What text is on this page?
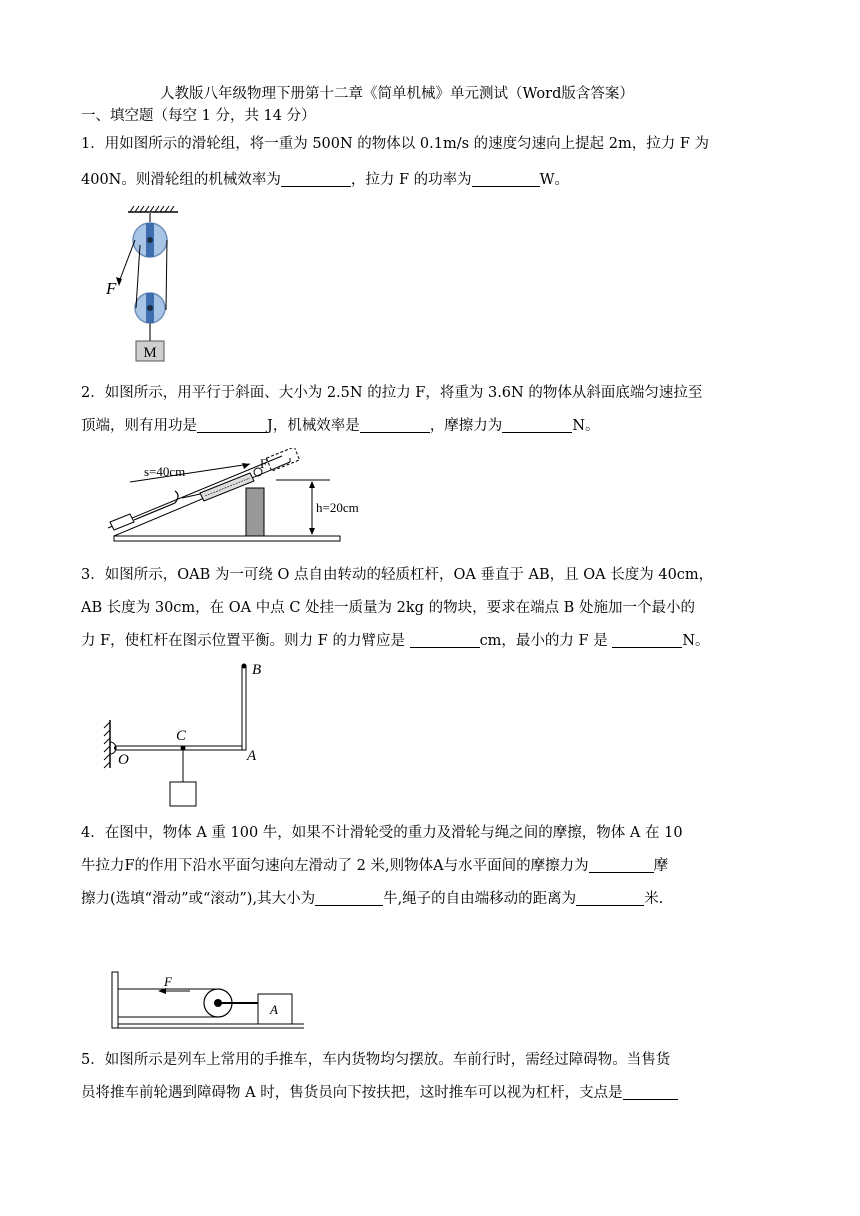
人教版八年级物理下册第十二章《简单机械》单元测试（Word版含答案）
一、填空题（每空 1 分，共 14 分）
1．用如图所示的滑轮组，将一重为 500N 的物体以 0.1m/s 的速度匀速向上提起 2m，拉力 F 为
400N。则滑轮组的机械效率为	，拉力 F 的功率为	W。
F
M
2．如图所示，用平行于斜面、大小为 2.5N 的拉力 F，将重为 3.6N 的物体从斜面底端匀速拉至
顶端，则有用功是	J，机械效率是	，摩擦力为	N。
s=40cm
F
h=20cm
3．如图所示，OAB 为一可绕 O 点自由转动的轻质杠杆，OA 垂直于 AB，且 OA 长度为 40cm，
AB 长度为 30cm，在 OA 中点 C 处挂一质量为 2kg 的物块，要求在端点 B 处施加一个最小的
力 F，使杠杆在图示位置平衡。则力 F 的力臂应是	cm，最小的力 F 是	N。
B
C
O	A
4．在图中，物体 A 重 100 牛，如果不计滑轮受的重力及滑轮与绳之间的摩擦，物体 A 在 10
牛拉力F的作用下沿水平面匀速向左滑动了 2 米,则物体A与水平面间的摩擦力为	摩
擦力(选填“滑动”或“滚动”),其大小为	牛,绳子的自由端移动的距离为	米.
F
A
5．如图所示是列车上常用的手推车，车内货物均匀摆放。车前行时，需经过障碍物。当售货
员将推车前轮遇到障碍物 A 时，售货员向下按扶把，这时推车可以视为杠杆，支点是
